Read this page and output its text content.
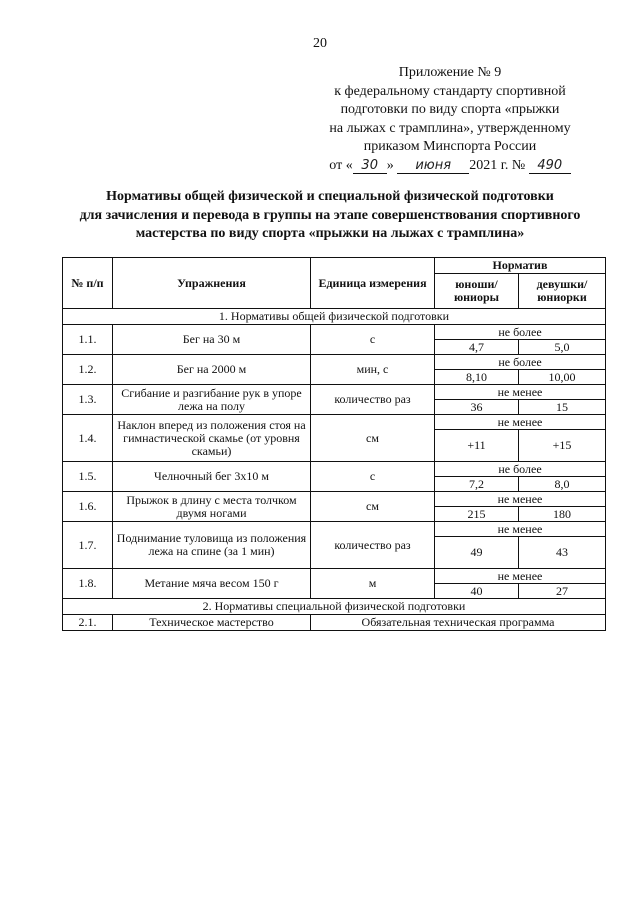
20
Приложение № 9
к федеральному стандарту спортивной
подготовки по виду спорта «прыжки
на лыжах с трамплина», утвержденному
приказом Минспорта России
от « 30 » июня 2021 г. № 490
Нормативы общей физической и специальной физической подготовки
для зачисления и перевода в группы на этапе совершенствования спортивного
мастерства по виду спорта «прыжки на лыжах с трамплина»
№ п/п	Упражнения	Единица измерения	Норматив	
			юноши/ юниоры	девушки/ юниорки
1. Нормативы общей физической подготовки				
1.1.	Бег на 30 м	с	не более	
			4,7	5,0
1.2.	Бег на 2000 м	мин, с	не более	
			8,10	10,00
1.3.	Сгибание и разгибание рук в упоре лежа на полу	количество раз	не менее	
			36	15
1.4.	Наклон вперед из положения стоя на гимнастической скамье (от уровня скамьи)	см	не менее	
			+11	+15
1.5.	Челночный бег 3х10 м	с	не более	
			7,2	8,0
1.6.	Прыжок в длину с места толчком двумя ногами	см	не менее	
			215	180
1.7.	Поднимание туловища из положения лежа на спине (за 1 мин)	количество раз	не менее	
			49	43
1.8.	Метание мяча весом 150 г	м	не менее	
			40	27
2. Нормативы специальной физической подготовки				
2.1.	Техническое мастерство	Обязательная техническая программа		
